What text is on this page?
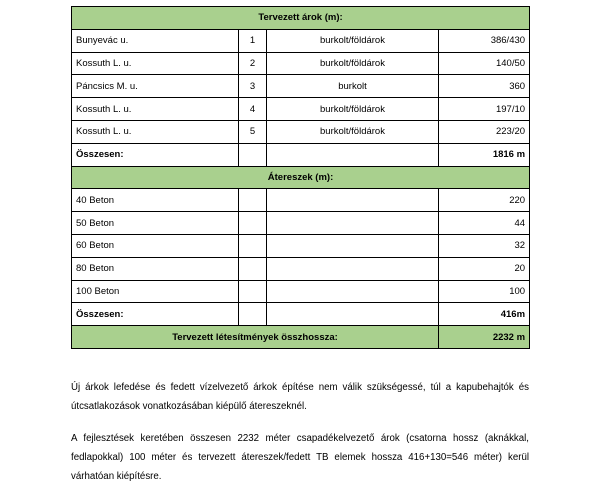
Tervezett árok (m):			
Bunyevác u.	1	burkolt/földárok	386/430
Kossuth L. u.	2	burkolt/földárok	140/50
Páncsics M. u.	3	burkolt	360
Kossuth L. u.	4	burkolt/földárok	197/10
Kossuth L. u.	5	burkolt/földárok	223/20
Összesen:			1816 m
Átereszek (m):			
40 Beton			220
50 Beton			44
60 Beton			32
80 Beton			20
100 Beton			100
Összesen:			416m
Tervezett létesítmények összhossza:			2232 m

Új árkok lefedése és fedett vízelvezető árkok építése nem válik szükségessé, túl a kapubehajtók és útcsatlakozások vonatkozásában kiépülő átereszeknél.

A fejlesztések keretében összesen 2232 méter csapadékelvezető árok (csatorna hossz (aknákkal, fedlapokkal) 100 méter és tervezett átereszek/fedett TB elemek hossza 416+130=546 méter) kerül várhatóan kiépítésre.
